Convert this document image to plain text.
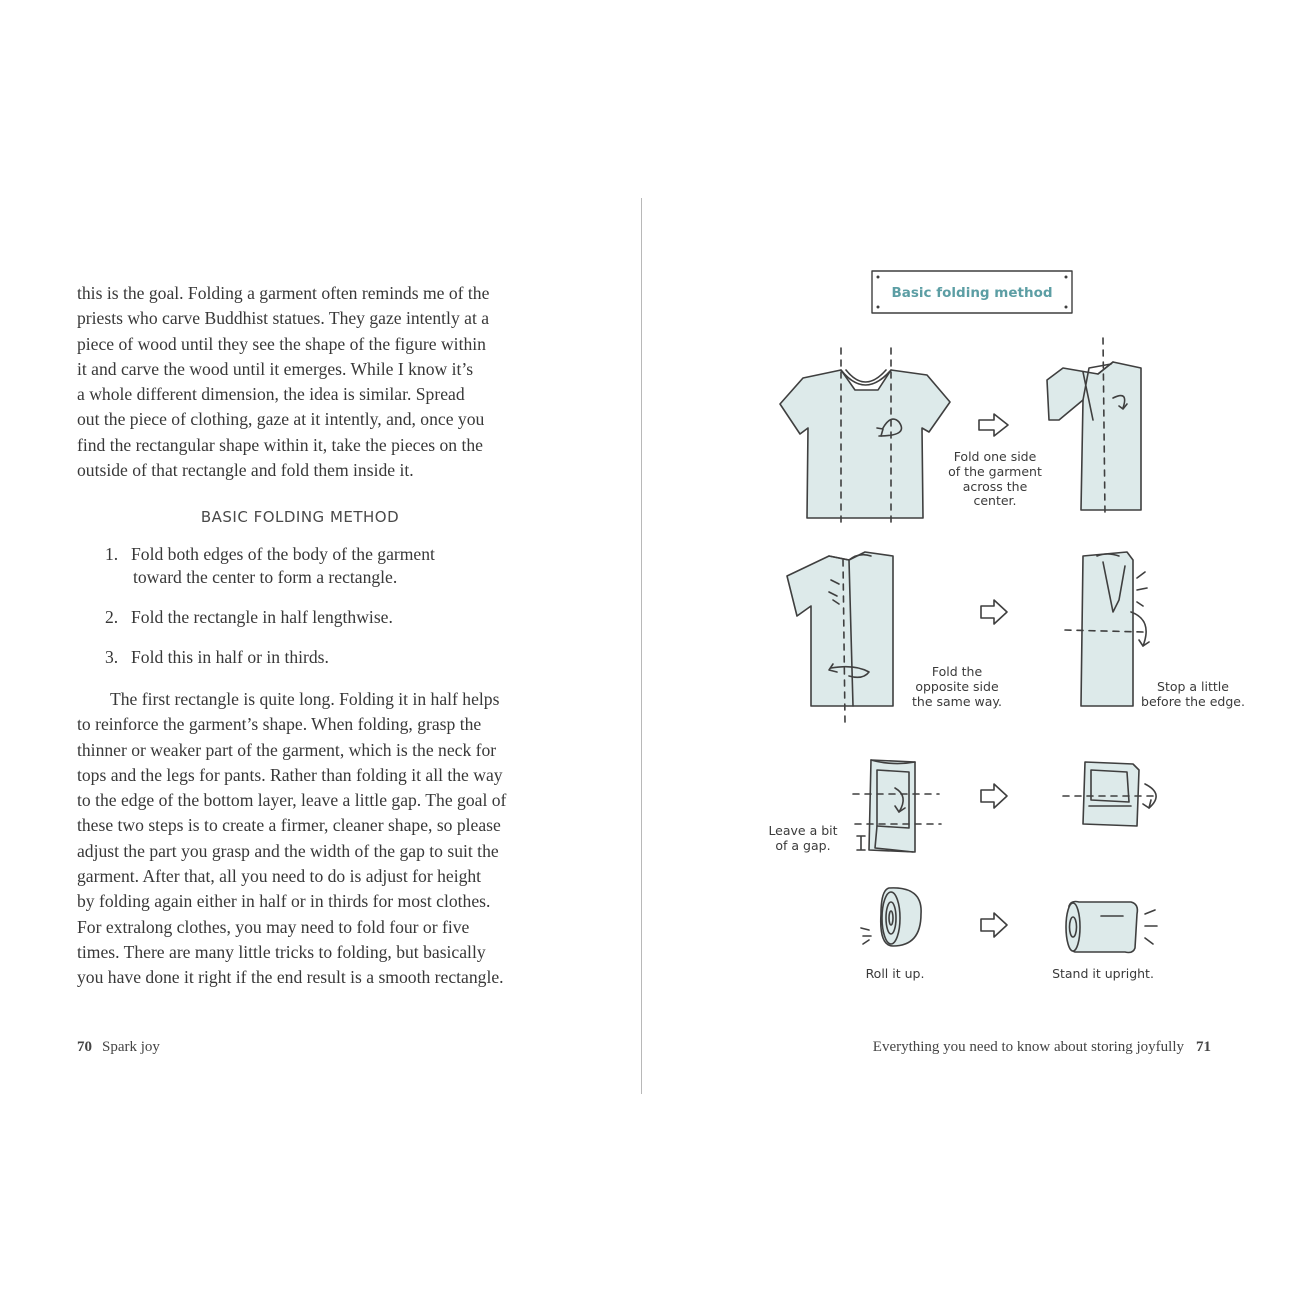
this is the goal. Folding a garment often reminds me of the
priests who carve Buddhist statues. They gaze intently at a
piece of wood until they see the shape of the figure within
it and carve the wood until it emerges. While I know it’s
a whole different dimension, the idea is similar. Spread
out the piece of clothing, gaze at it intently, and, once you
find the rectangular shape within it, take the pieces on the
outside of that rectangle and fold them inside it.
BASIC FOLDING METHOD
1. Fold both edges of the body of the garment
toward the center to form a rectangle.
2. Fold the rectangle in half lengthwise.
3. Fold this in half or in thirds.
The first rectangle is quite long. Folding it in half helps
to reinforce the garment’s shape. When folding, grasp the
thinner or weaker part of the garment, which is the neck for
tops and the legs for pants. Rather than folding it all the way
to the edge of the bottom layer, leave a little gap. The goal of
these two steps is to create a firmer, cleaner shape, so please
adjust the part you grasp and the width of the gap to suit the
garment. After that, all you need to do is adjust for height
by folding again either in half or in thirds for most clothes.
For extralong clothes, you may need to fold four or five
times. There are many little tricks to folding, but basically
you have done it right if the end result is a smooth rectangle.
70 Spark joy
Basic folding method
Fold one side
of the garment
across the
center.
Fold the
opposite side
the same way.
Stop a little
before the edge.
Leave a bit
of a gap.
Roll it up.	Stand it upright.
Everything you need to know about storing joyfully 71
